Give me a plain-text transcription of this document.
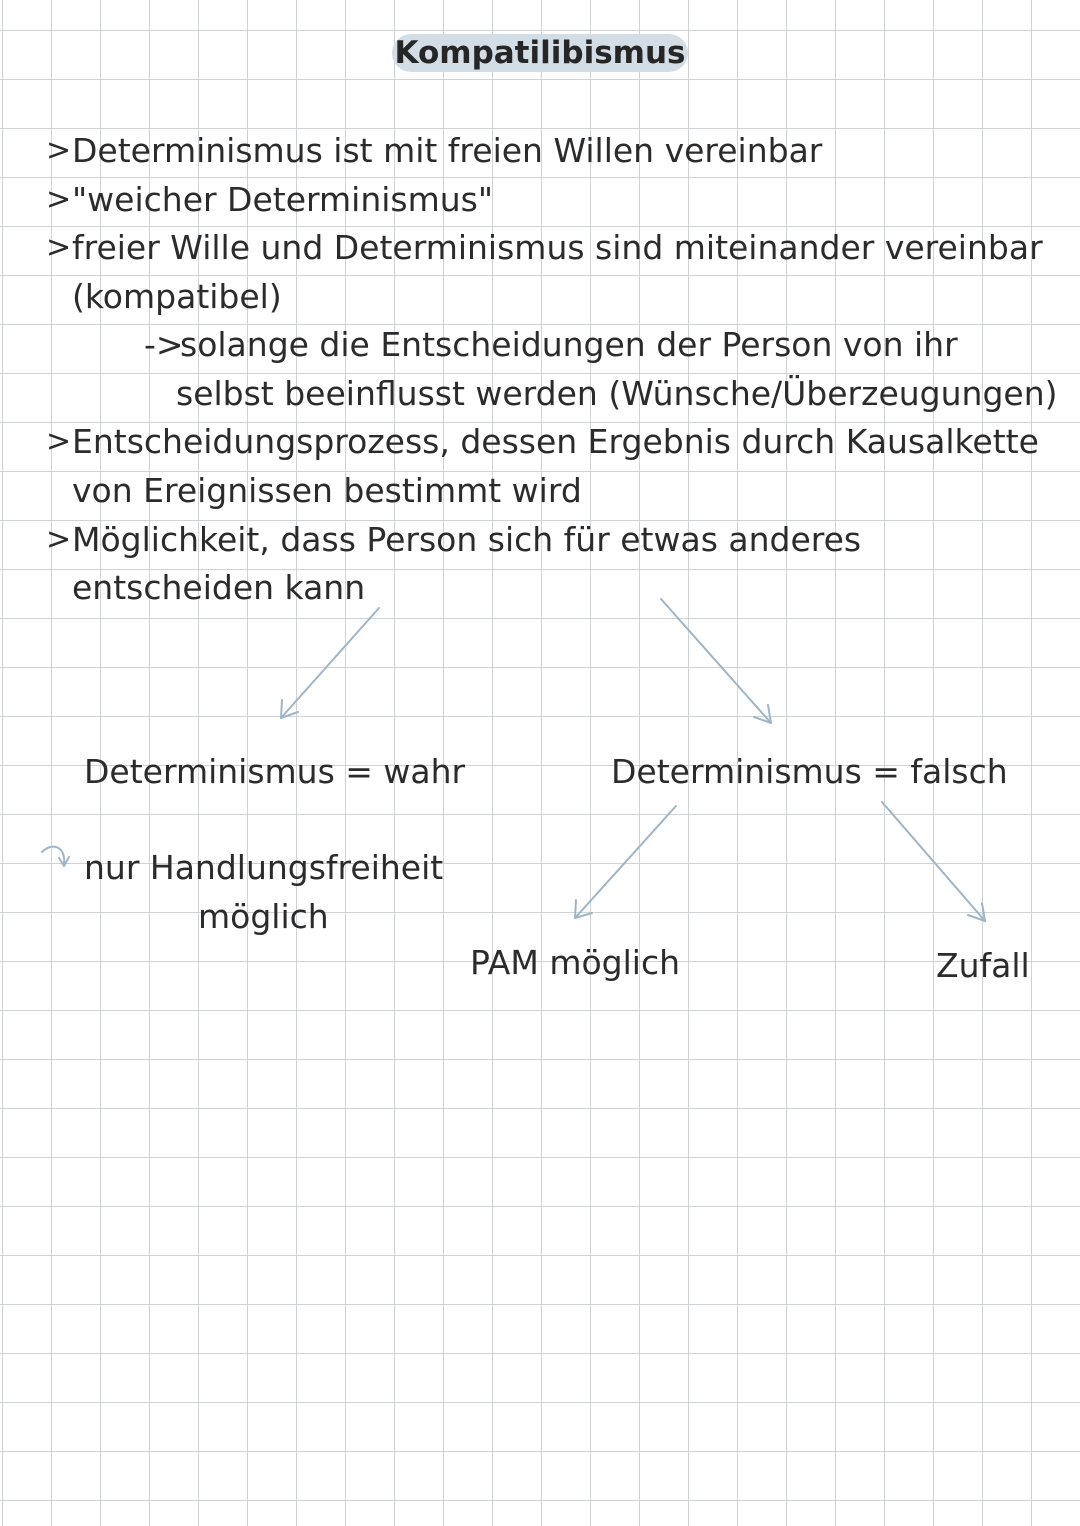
Kompatilibismus
> Determinismus ist mit freien Willen vereinbar
> "weicher Determinismus"
> freier Wille und Determinismus sind miteinander vereinbar
(kompatibel)
->
solange die Entscheidungen der Person von ihr
selbst beeinflusst werden (Wünsche/Überzeugungen)
> Entscheidungsprozess, dessen Ergebnis durch Kausalkette
von Ereignissen bestimmt wird
> Möglichkeit, dass Person sich für etwas anderes
entscheiden kann
Determinismus = wahr	Determinismus = falsch
nur Handlungsfreiheit
möglich
PAM möglich	Zufall
